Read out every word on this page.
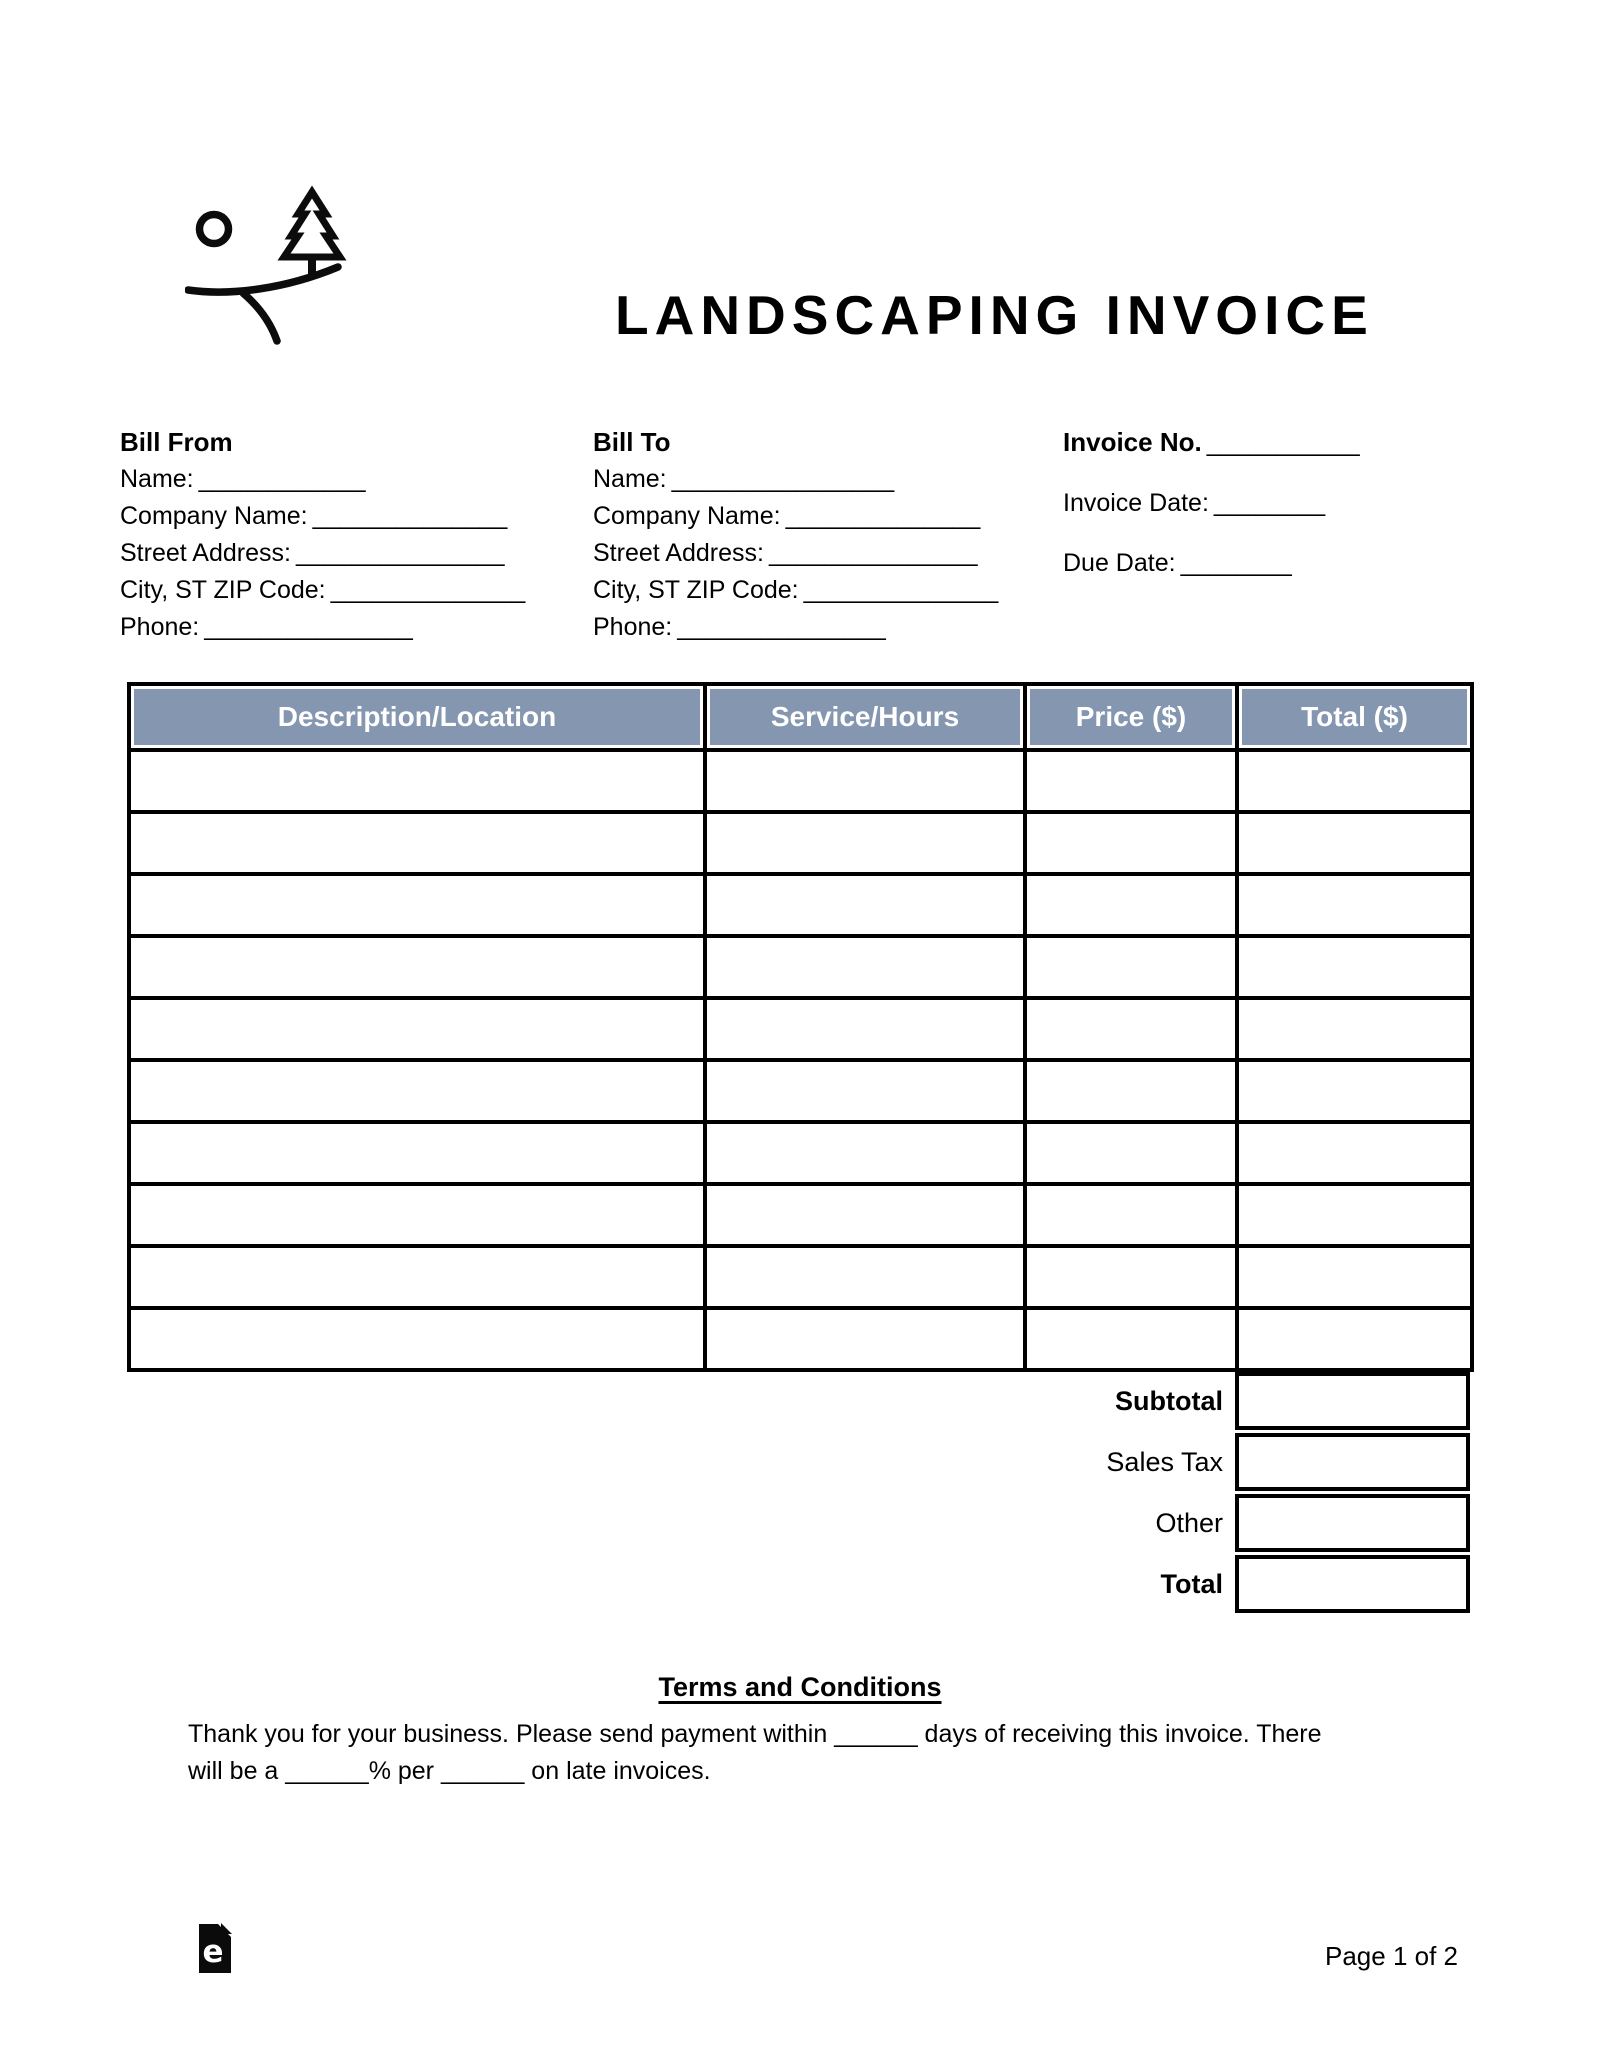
LANDSCAPING INVOICE
Bill From
Name: ____________
Company Name: ______________
Street Address: _______________
City, ST ZIP Code: ______________
Phone: _______________
Bill To
Name: ________________
Company Name: ______________
Street Address: _______________
City, ST ZIP Code: ______________
Phone: _______________
Invoice No. ___________
Invoice Date: ________
Due Date: ________
Description/Location	Service/Hours	Price ($)	Total ($)

Subtotal
Sales Tax
Other
Total
Terms and Conditions
Thank you for your business. Please send payment within ______ days of receiving this invoice. There
will be a ______% per ______ on late invoices.
e	Page 1 of 2
